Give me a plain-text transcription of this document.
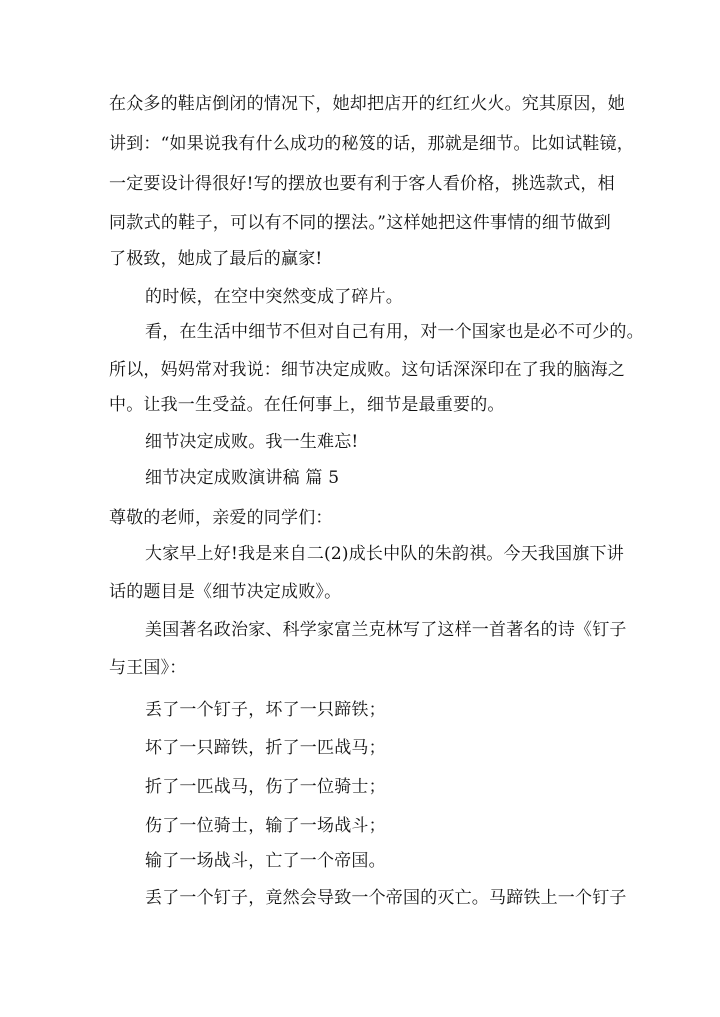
在众多的鞋店倒闭的情况下，她却把店开的红红火火。究其原因，她
讲到：“如果说我有什么成功的秘笈的话，那就是细节。比如试鞋镜，
一定要设计得很好!写的摆放也要有利于客人看价格，挑选款式，相
同款式的鞋子，可以有不同的摆法。”这样她把这件事情的细节做到
了极致，她成了最后的赢家!
的时候，在空中突然变成了碎片。
看，在生活中细节不但对自己有用，对一个国家也是必不可少的。
所以，妈妈常对我说：细节决定成败。这句话深深印在了我的脑海之
中。让我一生受益。在任何事上，细节是最重要的。
细节决定成败。我一生难忘!
细节决定成败演讲稿 篇 5
尊敬的老师，亲爱的同学们：
大家早上好!我是来自二(2)成长中队的朱韵祺。今天我国旗下讲
话的题目是《细节决定成败》。
美国著名政治家、科学家富兰克林写了这样一首著名的诗《钉子
与王国》：
丢了一个钉子，坏了一只蹄铁；
坏了一只蹄铁，折了一匹战马；
折了一匹战马，伤了一位骑士；
伤了一位骑士，输了一场战斗；
输了一场战斗，亡了一个帝国。
丢了一个钉子，竟然会导致一个帝国的灭亡。马蹄铁上一个钉子
